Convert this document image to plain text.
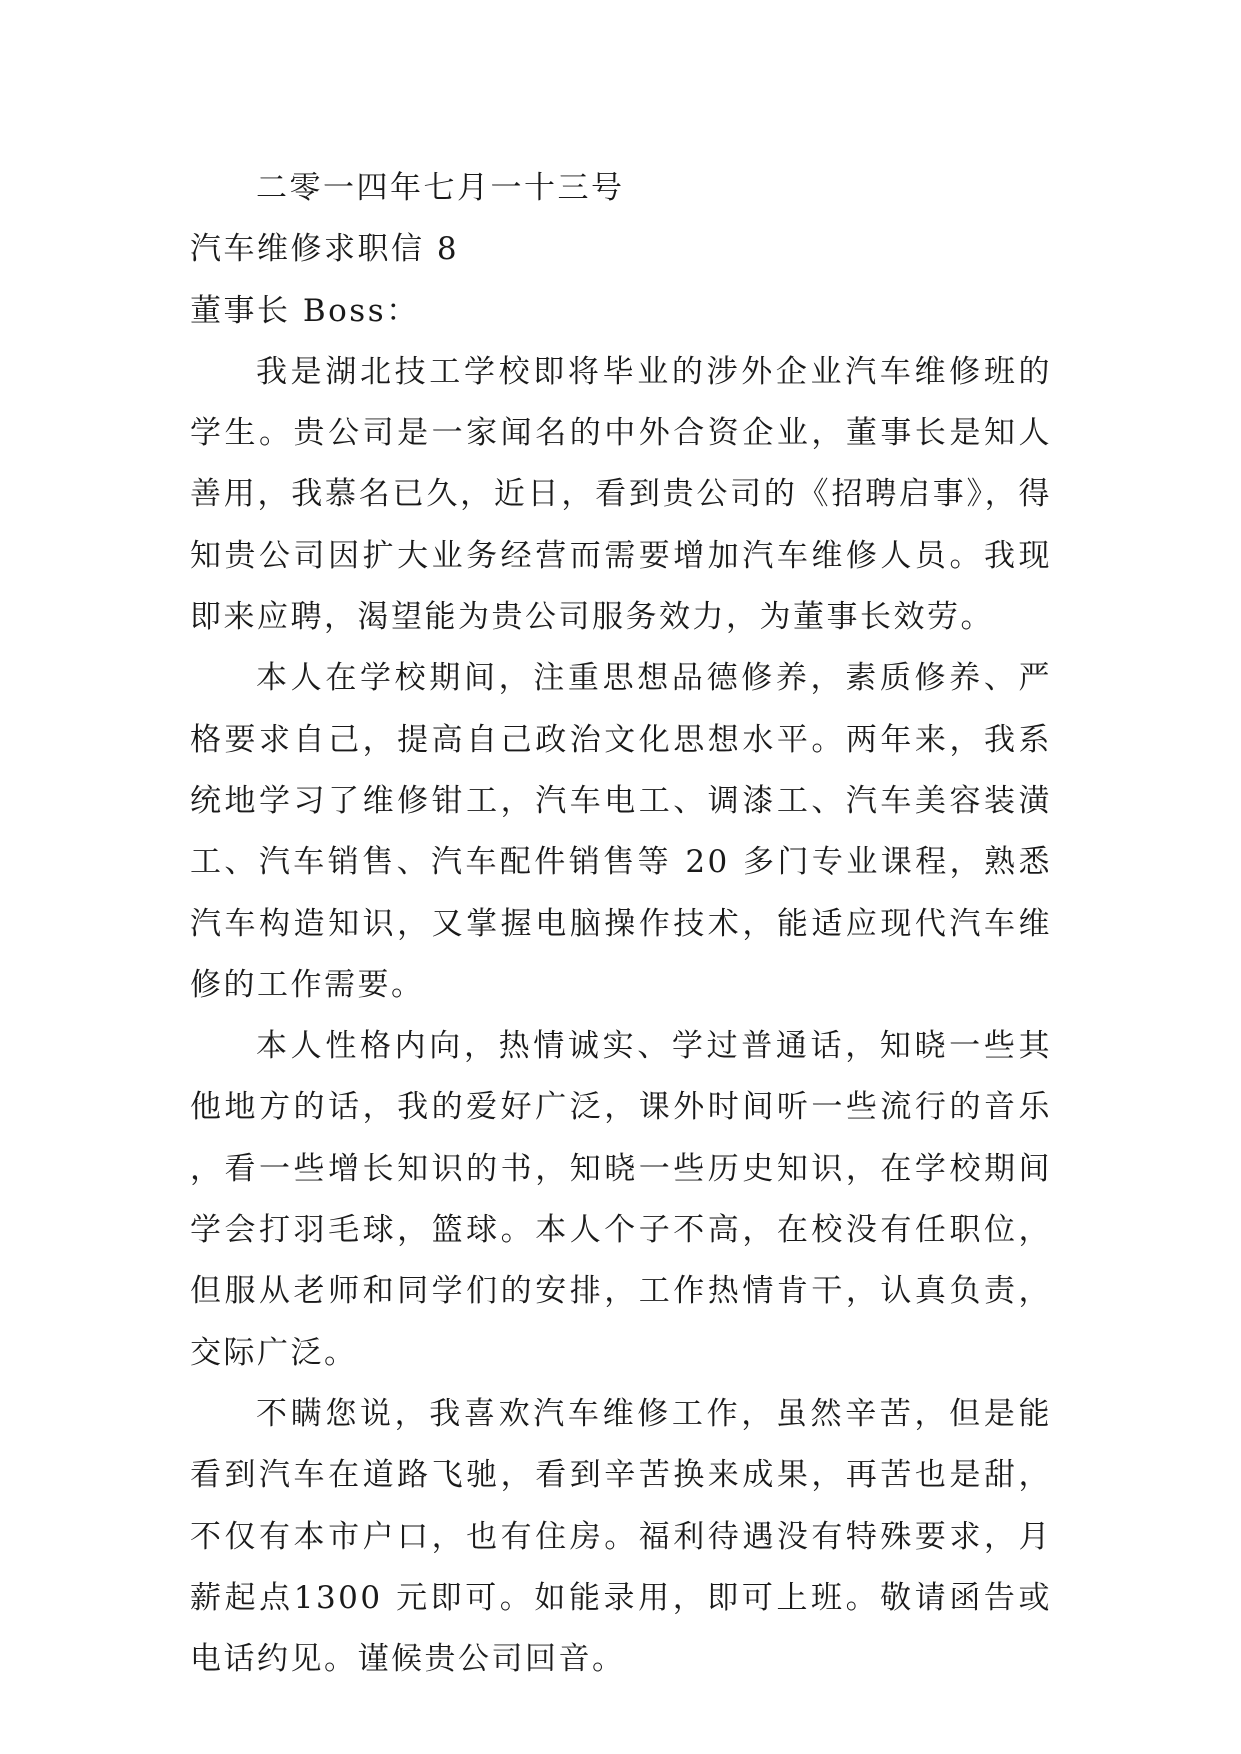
二零一四年七月一十三号

汽车维修求职信 8

董事长 Boss：

我是湖北技工学校即将毕业的涉外企业汽车维修班的学生。贵公司是一家闻名的中外合资企业，董事长是知人善用，我慕名已久，近日，看到贵公司的《招聘启事》，得知贵公司因扩大业务经营而需要增加汽车维修人员。我现即来应聘，渴望能为贵公司服务效力，为董事长效劳。

本人在学校期间，注重思想品德修养，素质修养、严格要求自己，提高自己政治文化思想水平。两年来，我系统地学习了维修钳工，汽车电工、调漆工、汽车美容装潢工、汽车销售、汽车配件销售等 20 多门专业课程，熟悉汽车构造知识，又掌握电脑操作技术，能适应现代汽车维修的工作需要。

本人性格内向，热情诚实、学过普通话，知晓一些其他地方的话，我的爱好广泛，课外时间听一些流行的音乐，看一些增长知识的书，知晓一些历史知识，在学校期间学会打羽毛球，篮球。本人个子不高，在校没有任职位，但服从老师和同学们的安排，工作热情肯干，认真负责，交际广泛。

不瞒您说，我喜欢汽车维修工作，虽然辛苦，但是能看到汽车在道路飞驰，看到辛苦换来成果，再苦也是甜，不仅有本市户口，也有住房。福利待遇没有特殊要求，月薪起点1300 元即可。如能录用，即可上班。敬请函告或电话约见。谨候贵公司回音。
